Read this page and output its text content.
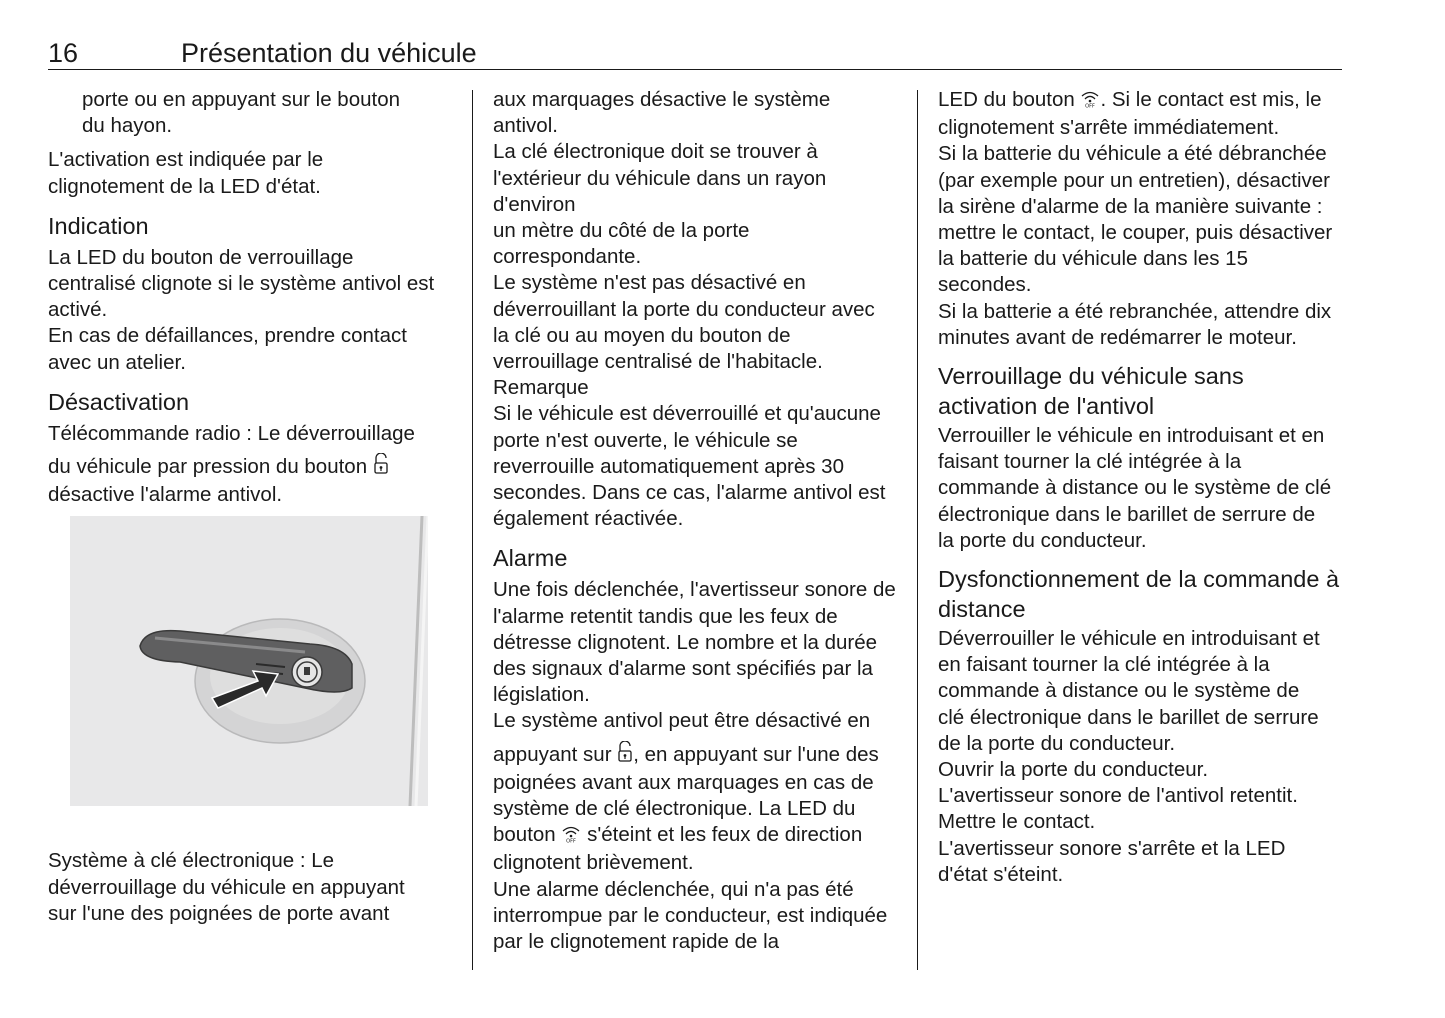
16	Présentation du véhicule

porte ou en appuyant sur le bouton du hayon.

L'activation est indiquée par le clignotement de la LED d'état.

Indication

La LED du bouton de verrouillage centralisé clignote si le système antivol est activé.

En cas de défaillances, prendre contact avec un atelier.

Désactivation

Télécommande radio : Le déverrouillage

du véhicule par pression du bouton

désactive l'alarme antivol.

Système à clé électronique : Le déverrouillage du véhicule en appuyant sur l'une des poignées de porte avant

aux marquages désactive le système antivol.

La clé électronique doit se trouver à l'extérieur du véhicule dans un rayon d'environ

un mètre du côté de la porte correspondante.

Le système n'est pas désactivé en déverrouillant la porte du conducteur avec la clé ou au moyen du bouton de verrouillage centralisé de l'habitacle.

Remarque

Si le véhicule est déverrouillé et qu'aucune porte n'est ouverte, le véhicule se reverrouille automatiquement après 30 secondes. Dans ce cas, l'alarme antivol est également réactivée.

Alarme

Une fois déclenchée, l'avertisseur sonore de l'alarme retentit tandis que les feux de détresse clignotent. Le nombre et la durée des signaux d'alarme sont spécifiés par la législation.

Le système antivol peut être désactivé en

appuyant sur , en appuyant sur l'une des poignées avant aux marquages en cas de système de clé électronique. La LED du bouton OFF s'éteint et les feux de direction clignotent brièvement.

Une alarme déclenchée, qui n'a pas été interrompue par le conducteur, est indiquée par le clignotement rapide de la

LED du bouton OFF . Si le contact est mis, le clignotement s'arrête immédiatement.

Si la batterie du véhicule a été débranchée (par exemple pour un entretien), désactiver la sirène d'alarme de la manière suivante : mettre le contact, le couper, puis désactiver la batterie du véhicule dans les 15 secondes.

Si la batterie a été rebranchée, attendre dix minutes avant de redémarrer le moteur.

Verrouillage du véhicule sans activation de l'antivol

Verrouiller le véhicule en introduisant et en faisant tourner la clé intégrée à la commande à distance ou le système de clé électronique dans le barillet de serrure de la porte du conducteur.

Dysfonctionnement de la commande à distance

Déverrouiller le véhicule en introduisant et en faisant tourner la clé intégrée à la commande à distance ou le système de clé électronique dans le barillet de serrure de la porte du conducteur.

Ouvrir la porte du conducteur.

L'avertisseur sonore de l'antivol retentit.

Mettre le contact.

L'avertisseur sonore s'arrête et la LED d'état s'éteint.
